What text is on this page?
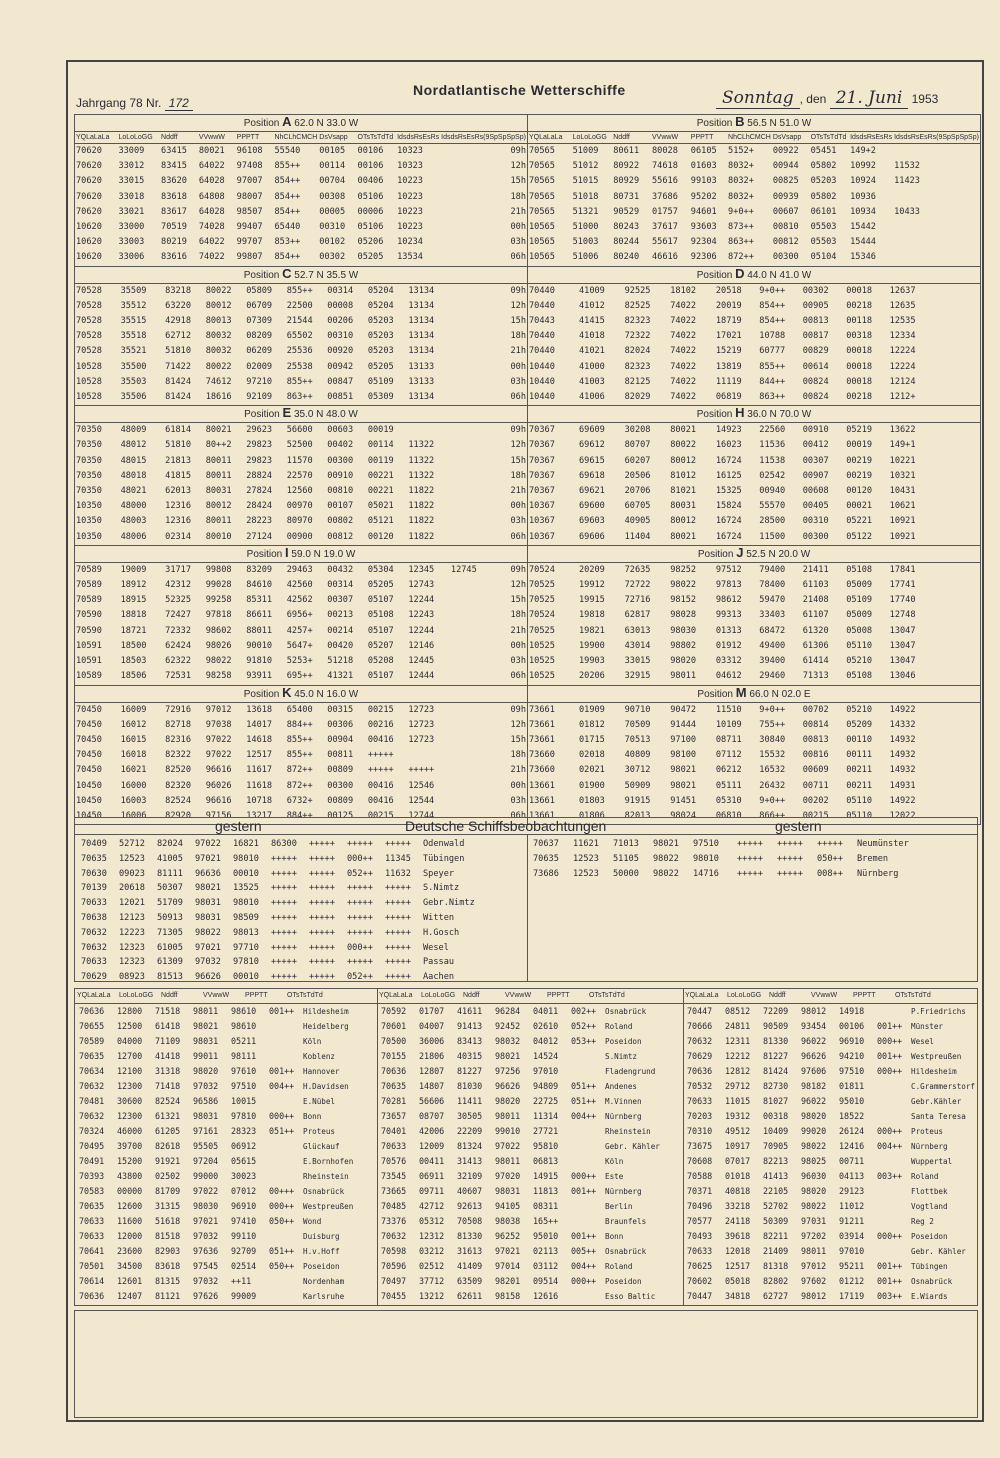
Jahrgang 78 Nr. 172
Nordatlantische Wetterschiffe	Sonntag , den 21. Juni 1953
Position A 62.0 N 33.0 W
YQLaLaLa	LoLoLoGG	Nddff	VVwwW	PPPTT	NhCLhCMCH	DsVsapp	OTsTsTdTd	IdsdsRsEsRs	IdsdsRsEsRs(9SpSpSpSp)
70620	33009	63415	80021	96108	55540	00105	00106	10323		09h
70620	33012	83415	64022	97408	855++	00114	00106	10323		12h
70620	33015	83620	64028	97007	854++	00704	00406	10223		15h
70620	33018	83618	64808	98007	854++	00308	05106	10223		18h
70620	33021	83617	64028	98507	854++	00005	00006	10223		21h
10620	33000	70519	74028	99407	65440	00310	05106	10223		00h
10620	33003	80219	64022	99707	853++	00102	05206	10234		03h
10620	33006	83616	74022	99807	854++	00302	05205	13534		06h

Position B 56.5 N 51.0 W
YQLaLaLa	LoLoLoGG	Nddff	VVwwW	PPPTT	NhCLhCMCH	DsVsapp	OTsTsTdTd	IdsdsRsEsRs	IdsdsRsEsRs(9SpSpSpSp)
70565	51009	80611	80028	06105	5152+	00922	05451	149+2	
70565	51012	80922	74618	01603	8032+	00944	05802	10992	11532
70565	51015	80929	55616	99103	8032+	00825	05203	10924	11423
70565	51018	80731	37686	95202	8032+	00939	05802	10936	
70565	51321	90529	01757	94601	9+0++	00607	06101	10934	10433
10565	51000	80243	37617	93603	873++	00810	05503	15442	
10565	51003	80244	55617	92304	863++	00812	05503	15444	
10565	51006	80240	46616	92306	872++	00300	05104	15346	

Position C 52.7 N 35.5 W
70528	35509	83218	80022	05809	855++	00314	05204	13134		09h
70528	35512	63220	80012	06709	22500	00008	05204	13134		12h
70528	35515	42918	80013	07309	21544	00206	05203	13134		15h
70528	35518	62712	80032	08209	65502	00310	05203	13134		18h
70528	35521	51810	80032	06209	25536	00920	05203	13134		21h
10528	35500	71422	80022	02009	25538	00942	05205	13133		00h
10528	35503	81424	74612	97210	855++	00847	05109	13133		03h
10528	35506	81424	18616	92109	863++	00851	05309	13134		06h

Position D 44.0 N 41.0 W
70440	41009	92525	18102	20518	9+0++	00302	00018	12637	
70440	41012	82525	74022	20019	854++	00905	00218	12635	
70443	41415	82323	74022	18719	854++	00813	00118	12535	
70440	41018	72322	74022	17021	10788	00817	00318	12334	
70440	41021	82024	74022	15219	60777	00829	00018	12224	
10440	41000	82323	74022	13819	855++	00614	00018	12224	
10440	41003	82125	74022	11119	844++	00824	00018	12124	
10440	41006	82029	74022	06819	863++	00824	00218	1212+	

Position E 35.0 N 48.0 W
70350	48009	61814	80021	29623	56600	00603	00019			09h
70350	48012	51810	80++2	29823	52500	00402	00114	11322		12h
70350	48015	21813	80011	29823	11570	00300	00119	11322		15h
70350	48018	41815	80011	28824	22570	00910	00221	11322		18h
70350	48021	62013	80031	27824	12560	00810	00221	11822		21h
10350	48000	12316	80012	28424	00970	00107	05021	11822		00h
10350	48003	12316	80011	28223	80970	00802	05121	11822		03h
10350	48006	02314	80010	27124	00900	00812	00120	11822		06h

Position H 36.0 N 70.0 W
70367	69609	30208	80021	14923	22560	00910	05219	13622	
70367	69612	80707	80022	16023	11536	00412	00019	149+1	
70367	69615	60207	80012	16724	11538	00307	00219	10221	
70367	69618	20506	81012	16125	02542	00907	00219	10321	
70367	69621	20706	81021	15325	00940	00608	00120	10431	
10367	69600	60705	80031	15824	55570	00405	00021	10621	
10367	69603	40905	80012	16724	28500	00310	05221	10921	
10367	69606	11404	80021	16724	11500	00300	05122	10921	

Position I 59.0 N 19.0 W
70589	19009	31717	99808	83209	29463	00432	05304	12345	12745	09h
70589	18912	42312	99028	84610	42560	00314	05205	12743		12h
70589	18915	52325	99258	85311	42562	00307	05107	12244		15h
70590	18818	72427	97818	86611	6956+	00213	05108	12243		18h
70590	18721	72332	98602	88011	4257+	00214	05107	12244		21h
10591	18500	62424	98026	90010	5647+	00420	05207	12146		00h
10591	18503	62322	98022	91810	5253+	51218	05208	12445		03h
10589	18506	72531	98258	93911	695++	41321	05107	12444		06h

Position J 52.5 N 20.0 W
70524	20209	72635	98252	97512	79400	21411	05108	17841	
70525	19912	72722	98022	97813	78400	61103	05009	17741	
70525	19915	72716	98152	98612	59470	21408	05109	17740	
70524	19818	62817	98028	99313	33403	61107	05009	12748	
70525	19821	63013	98030	01313	68472	61320	05008	13047	
10525	19900	43014	98802	01912	49400	61306	05110	13047	
10525	19903	33015	98020	03312	39400	61414	05210	13047	
10525	20206	32915	98011	04612	29460	71313	05108	13046	

Position K 45.0 N 16.0 W
70450	16009	72916	97012	13618	65400	00315	00215	12723		09h
70450	16012	82718	97038	14017	884++	00306	00216	12723		12h
70450	16015	82316	97022	14618	855++	00904	00416	12723		15h
70450	16018	82322	97022	12517	855++	00811	+++++			18h
70450	16021	82520	96616	11617	872++	00809	+++++	+++++		21h
10450	16000	82320	96026	11618	872++	00300	00416	12546		00h
10450	16003	82524	96616	10718	6732+	00809	00416	12544		03h
10450	16006	82920	97156	13217	884++	00125	00215	12744		06h

Position M 66.0 N 02.0 E
73661	01909	90710	90472	11510	9+0++	00702	05210	14922	
73661	01812	70509	91444	10109	755++	00814	05209	14332	
73661	01715	70513	97100	08711	30840	00813	00110	14932	
73660	02018	40809	98100	07112	15532	00816	00111	14932	
73660	02021	30712	98021	06212	16532	00609	00211	14932	
13661	01900	50909	98021	05111	26432	00711	00211	14931	
13661	01803	91915	91451	05310	9+0++	00202	05110	14922	
13661	01806	82013	98024	06810	866++	00215	05110	12022	
gestern	Deutsche Schiffsbeobachtungen	gestern
70409 52712 82024 97022 16821 86300 +++++ +++++ +++++ Odenwald
70635 12523 41005 97021 98010 +++++ +++++ 000++ 11345 Tübingen
70630 09023 81111 96636 00010 +++++ +++++ 052++ 11632 Speyer
70139 20618 50307 98021 13525 +++++ +++++ +++++ +++++ S.Nimtz
70633 12021 51709 98031 98010 +++++ +++++ +++++ +++++ Gebr.Nimtz
70638 12123 50913 98031 98509 +++++ +++++ +++++ +++++ Witten
70632 12223 71305 98022 98013 +++++ +++++ +++++ +++++ H.Gosch
70632 12323 61005 97021 97710 +++++ +++++ 000++ +++++ Wesel
70633 12323 61309 97032 97810 +++++ +++++ +++++ +++++ Passau
70629 08923 81513 96626 00010 +++++ +++++ 052++ +++++ Aachen
70637 11621 71013 98021 97510 +++++ +++++ +++++ Neumünster
70635 12523 51105 98022 98010 +++++ +++++ 050++ Bremen
73686 12523 50000 98022 14716 +++++ +++++ 008++ Nürnberg
YQLaLaLa LoLoLoGG Nddff	VVwwW PPPTT	OTsTsTdTd
70636 12800 71518 98011 98610 001++ Hildesheim
70655 12500 61418 98021 98610	Heidelberg
70589 04000 71109 98031 05211	Köln
70635 12700 41418 99011 98111	Koblenz
70634 12100 31318 98020 97610 001++ Hannover
70632 12300 71418 97032 97510 004++ H.Davidsen
70481 30600 82524 96586 10015	E.Nübel
70632 12300 61321 98031 97810 000++ Bonn
70324 46000 61205 97161 28323 051++ Proteus
70495 39700 82618 95505 06912	Glückauf
70491 15200 91921 97204 05615	E.Bornhofen
70393 43800 02502 99000 30023	Rheinstein
70583 00000 81709 97022 07012 00+++ Osnabrück
70635 12600 31315 98030 96910 000++ Westpreußen
70633 11600 51618 97021 97410 050++ Wond
70633 12000 81518 97032 99110	Duisburg
70641 23600 82903 97636 92709 051++ H.v.Hoff
70501 34500 83618 97545 02514 050++ Poseidon
70614 12601 81315 97032 ++11	Nordenham
70636 12407 81121 97626 99009	Karlsruhe
YQLaLaLa LoLoLoGG Nddff	VVwwW PPPTT	OTsTsTdTd
70592 01707 41611 96284 04011 002++ Osnabrück
70601 04007 91413 92452 02610 052++ Roland
70500 36006 83413 98032 04012 053++ Poseidon
70155 21806 40315 98021 14524	S.Nimtz
70636 12807 81227 97256 97010	Fladengrund
70635 14807 81030 96626 94809 051++ Andenes
70281 56606 11411 98020 22725 051++ M.Vinnen
73657 08707 30505 98011 11314 004++ Nürnberg
70401 42006 22209 99010 27721	Rheinstein
70633 12009 81324 97022 95810	Gebr. Kähler
70576 00411 31413 98011 06813	Köln
73545 06911 32109 97020 14915 000++ Este
73665 09711 40607 98031 11813 001++ Nürnberg
70485 42712 92613 94105 08311	Berlin
73376 05312 70508 98038 165++	Braunfels
70632 12312 81330 96252 95010 001++ Bonn
70598 03212 31613 97021 02113 005++ Osnabrück
70596 02512 41409 97014 03112 004++ Roland
70497 37712 63509 98201 09514 000++ Poseidon
70455 13212 62611 98158 12616	Esso Baltic
YQLaLaLa LoLoLoGG Nddff	VVwwW PPPTT	OTsTsTdTd
70447 08512 72209 98012 14918	P.Friedrichs
70666 24811 90509 93454 00106 001++ Münster
70632 12311 81330 96022 96910 000++ Wesel
70629 12212 81227 96626 94210 001++ Westpreußen
70636 12812 81424 97606 97510 000++ Hildesheim
70532 29712 82730 98182 01811	C.Grammerstorf
70633 11015 81027 96022 95010	Gebr.Kähler
70203 19312 00318 98020 18522	Santa Teresa
70310 49512 10409 99020 26124 000++ Proteus
73675 10917 70905 98022 12416 004++ Nürnberg
70608 07017 82213 98025 00711	Wuppertal
70588 01018 41413 96030 04113 003++ Roland
70371 40818 22105 98020 29123	Flottbek
70496 33218 52702 98022 11012	Vogtland
70577 24118 50309 97031 91211	Reg 2
70493 39618 82211 97202 03914 000++ Poseidon
70633 12018 21409 98011 97010	Gebr. Kähler
70625 12517 81318 97012 95211 001++ Tübingen
70602 05018 82802 97602 01212 001++ Osnabrück
70447 34818 62727 98012 17119 003++ E.Wiards
